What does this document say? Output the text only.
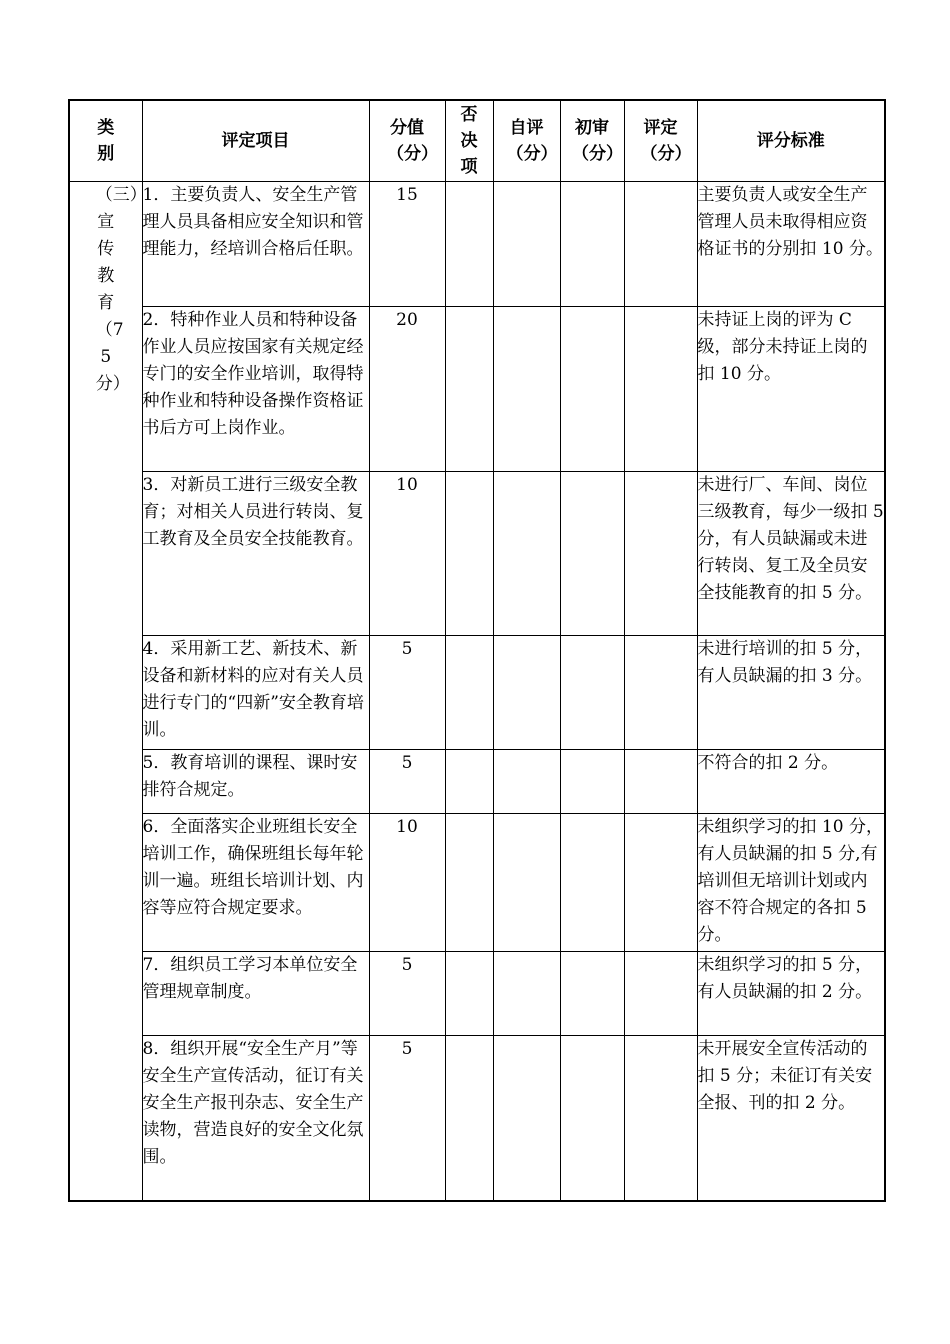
类别	评定项目	分值（分）	否决项	自评（分）	初审（分）	评定（分）	评分标准
（三）宣传教育（75分）	1．主要负责人、安全生产管理人员具备相应安全知识和管理能力，经培训合格后任职。	15					主要负责人或安全生产管理人员未取得相应资格证书的分别扣 10 分。
	2．特种作业人员和特种设备作业人员应按国家有关规定经专门的安全作业培训，取得特种作业和特种设备操作资格证书后方可上岗作业。	20					未持证上岗的评为 C 级，部分未持证上岗的扣 10 分。
	3．对新员工进行三级安全教育；对相关人员进行转岗、复工教育及全员安全技能教育。	10					未进行厂、车间、岗位三级教育，每少一级扣 5 分，有人员缺漏或未进行转岗、复工及全员安全技能教育的扣 5 分。
	4．采用新工艺、新技术、新设备和新材料的应对有关人员进行专门的“四新”安全教育培训。	5					未进行培训的扣 5 分，有人员缺漏的扣 3 分。
	5．教育培训的课程、课时安排符合规定。	5					不符合的扣 2 分。
	6．全面落实企业班组长安全培训工作，确保班组长每年轮训一遍。班组长培训计划、内容等应符合规定要求。	10					未组织学习的扣 10 分，有人员缺漏的扣 5 分,有培训但无培训计划或内容不符合规定的各扣 5 分。
	7．组织员工学习本单位安全管理规章制度。	5					未组织学习的扣 5 分，有人员缺漏的扣 2 分。
	8．组织开展“安全生产月”等安全生产宣传活动，征订有关安全生产报刊杂志、安全生产读物，营造良好的安全文化氛围。	5					未开展安全宣传活动的扣 5 分；未征订有关安全报、刊的扣 2 分。
